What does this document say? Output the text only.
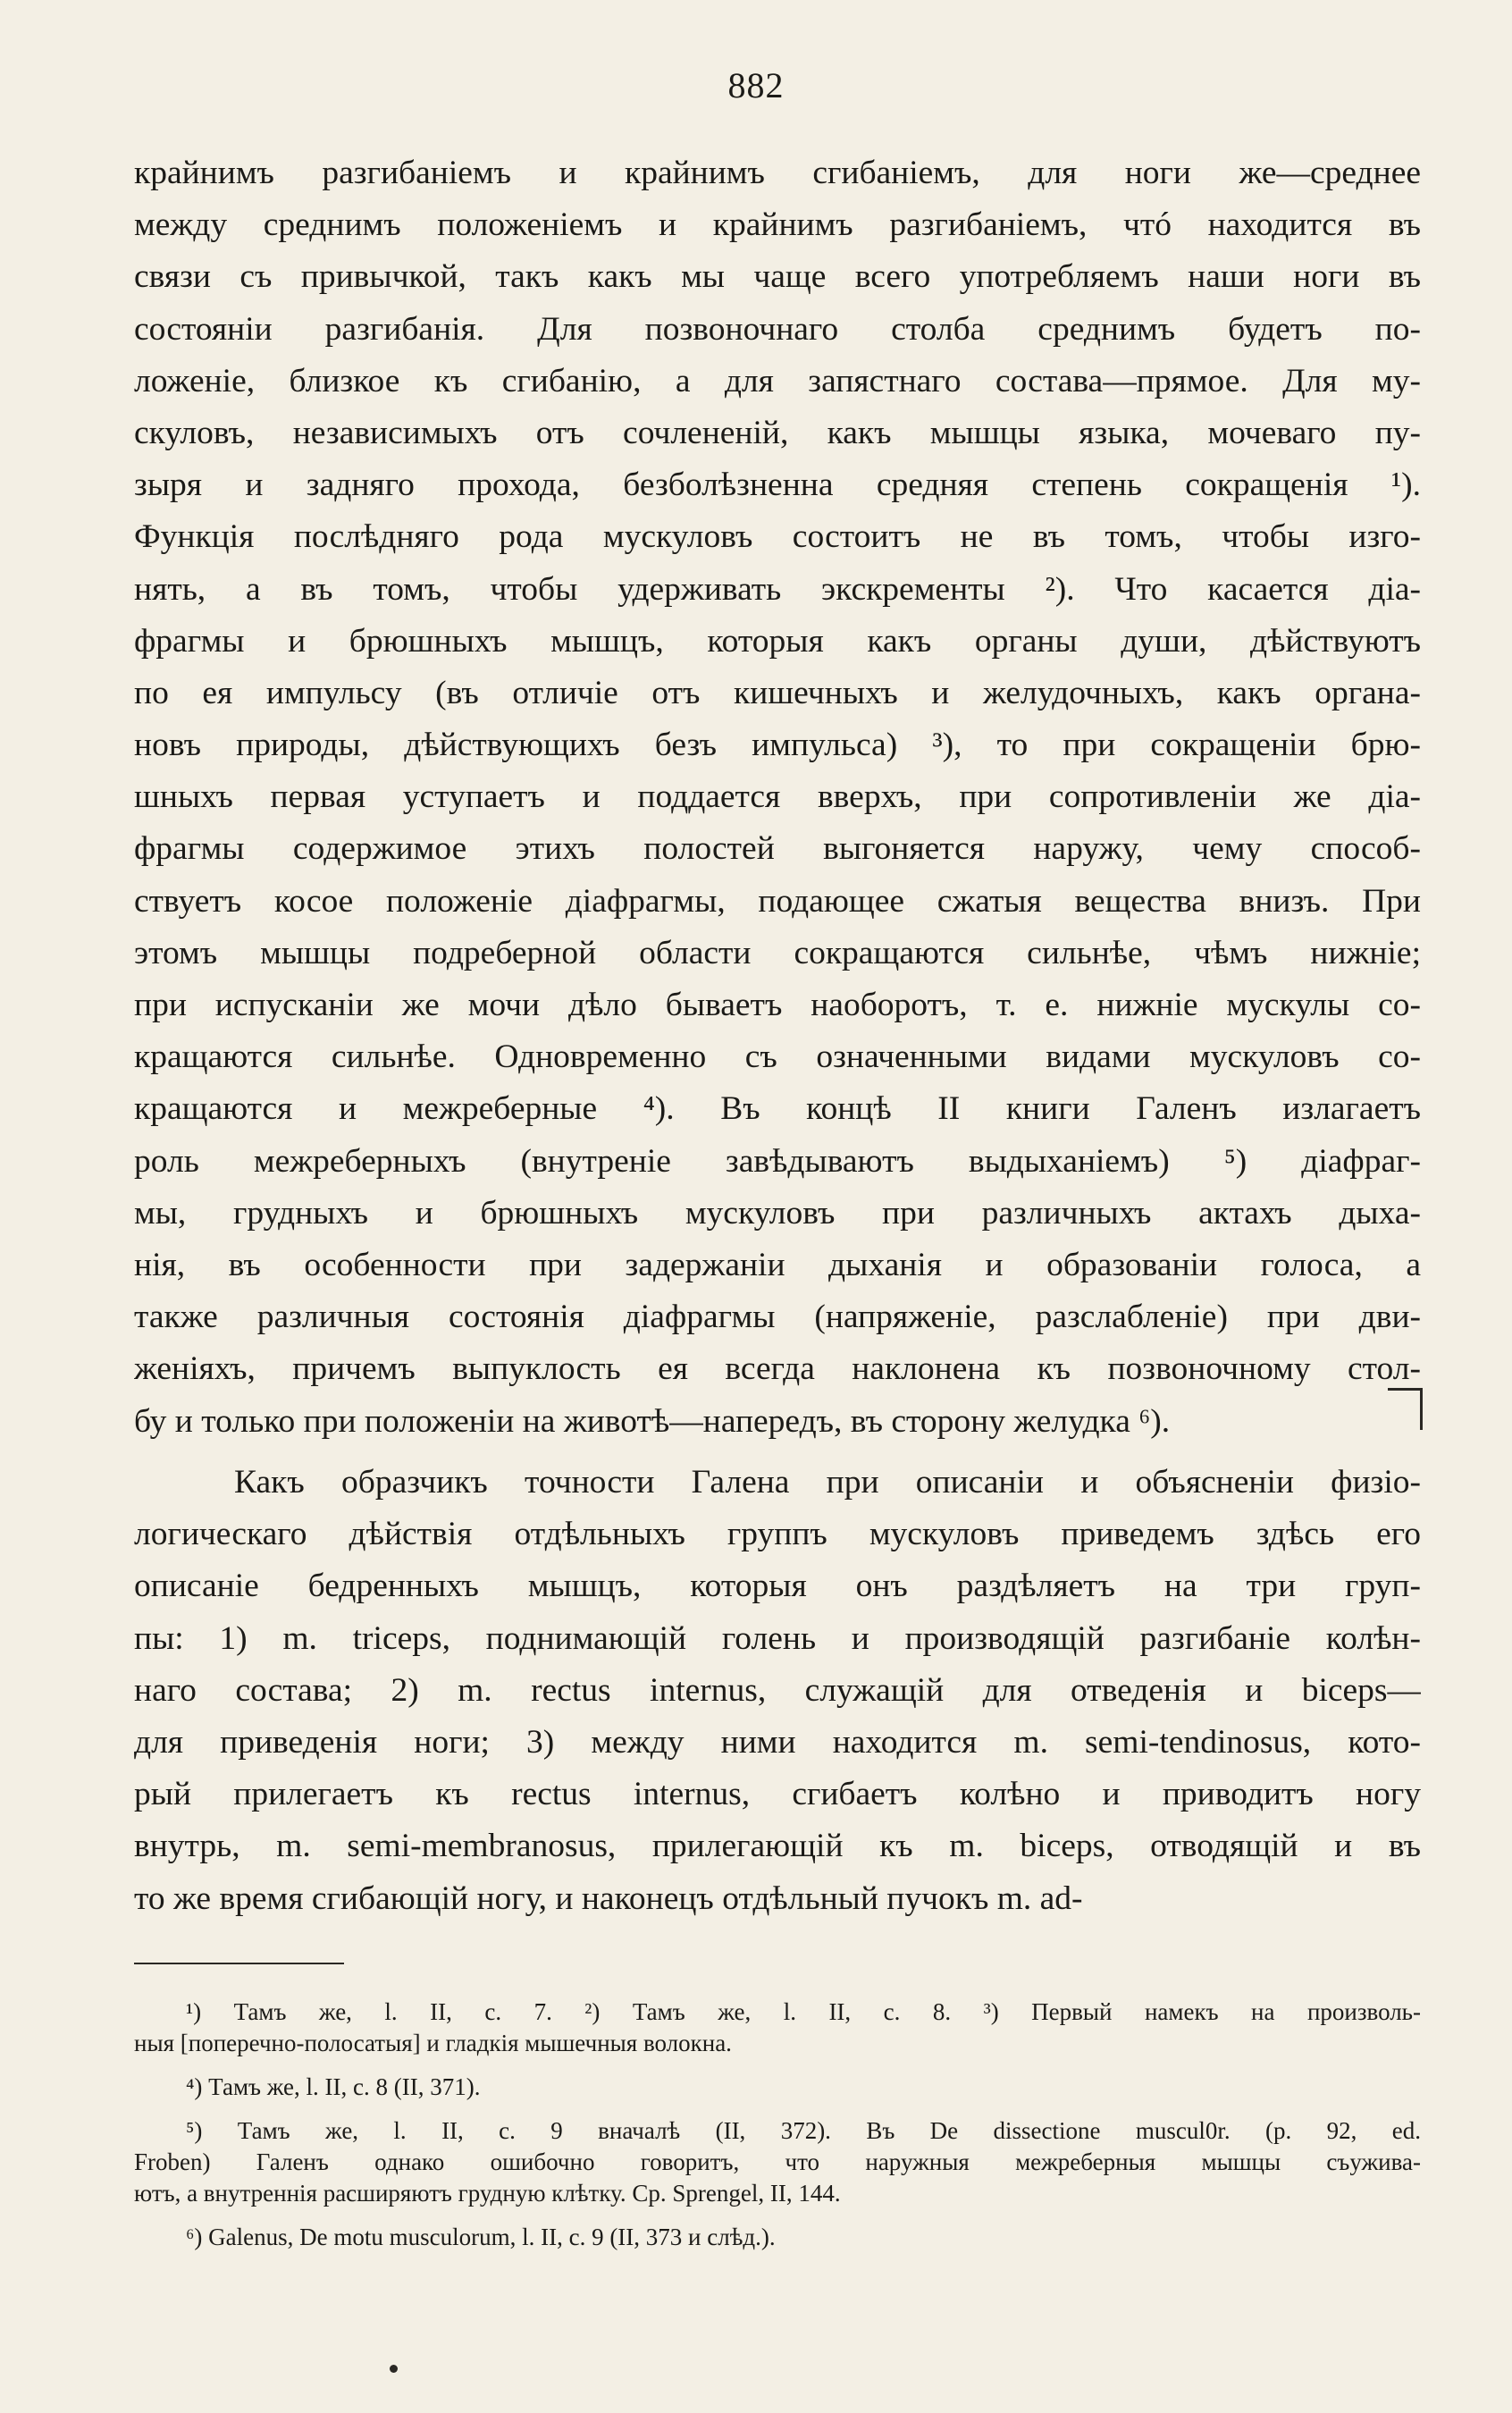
882
крайнимъ разгибаніемъ и крайнимъ сгибаніемъ, для ноги же—среднее
между среднимъ положеніемъ и крайнимъ разгибаніемъ, чтó находится въ
связи съ привычкой, такъ какъ мы чаще всего употребляемъ наши ноги въ
состояніи разгибанія. Для позвоночнаго столба среднимъ будетъ по-
ложеніе, близкое къ сгибанію, а для запястнаго состава—прямое. Для му-
скуловъ, независимыхъ отъ сочлененій, какъ мышцы языка, мочеваго пу-
зыря и задняго прохода, безболѣзненна средняя степень сокращенія ¹).
Функція послѣдняго рода мускуловъ состоитъ не въ томъ, чтобы изго-
нять, а въ томъ, чтобы удерживать экскременты ²). Что касается діа-
фрагмы и брюшныхъ мышцъ, которыя какъ органы души, дѣйствуютъ
по ея импульсу (въ отличіе отъ кишечныхъ и желудочныхъ, какъ органа-
новъ природы, дѣйствующихъ безъ импульса) ³), то при сокращеніи брю-
шныхъ первая уступаетъ и поддается вверхъ, при сопротивленіи же діа-
фрагмы содержимое этихъ полостей выгоняется наружу, чему способ-
ствуетъ косое положеніе діафрагмы, подающее сжатыя вещества внизъ. При
этомъ мышцы подреберной области сокращаются сильнѣе, чѣмъ нижніе;
при испусканіи же мочи дѣло бываетъ наоборотъ, т. е. нижніе мускулы со-
кращаются сильнѣе. Одновременно съ означенными видами мускуловъ со-
кращаются и межреберные ⁴). Въ концѣ II книги Галенъ излагаетъ
роль межреберныхъ (внутреніе завѣдываютъ выдыханіемъ) ⁵) діафраг-
мы, грудныхъ и брюшныхъ мускуловъ при различныхъ актахъ дыха-
нія, въ особенности при задержаніи дыханія и образованіи голоса, а
также различныя состоянія діафрагмы (напряженіе, разслабленіе) при дви-
женіяхъ, причемъ выпуклость ея всегда наклонена къ позвоночному стол-
бу и только при положеніи на животѣ—напередъ, въ сторону желудка ⁶).
Какъ образчикъ точности Галена при описаніи и объясненіи физіо-
логическаго дѣйствія отдѣльныхъ группъ мускуловъ приведемъ здѣсь его
описаніе бедренныхъ мышцъ, которыя онъ раздѣляетъ на три груп-
пы: 1) m. triceps, поднимающій голень и производящій разгибаніе колѣн-
наго состава; 2) m. rectus internus, служащій для отведенія и biceps—
для приведенія ноги; 3) между ними находится m. semi-tendinosus, кото-
рый прилегаетъ къ rectus internus, сгибаетъ колѣно и приводитъ ногу
внутрь, m. semi-membranosus, прилегающій къ m. biceps, отводящій и въ
то же время сгибающій ногу, и наконецъ отдѣльный пучокъ m. ad-
¹) Тамъ же, l. II, c. 7. ²) Тамъ же, l. II, c. 8. ³) Первый намекъ на произволь-
ныя [поперечно-полосатыя] и гладкія мышечныя волокна.
⁴) Тамъ же, l. II, c. 8 (II, 371).
⁵) Тамъ же, l. II, c. 9 вначалѣ (II, 372). Въ De dissectione muscul0r. (p. 92, ed.
Froben) Галенъ однако ошибочно говоритъ, что наружныя межреберныя мышцы съужива-
ютъ, а внутреннія расширяютъ грудную клѣтку. Ср. Sprengel, II, 144.
⁶) Galenus, De motu musculorum, l. II, c. 9 (II, 373 и слѣд.).
